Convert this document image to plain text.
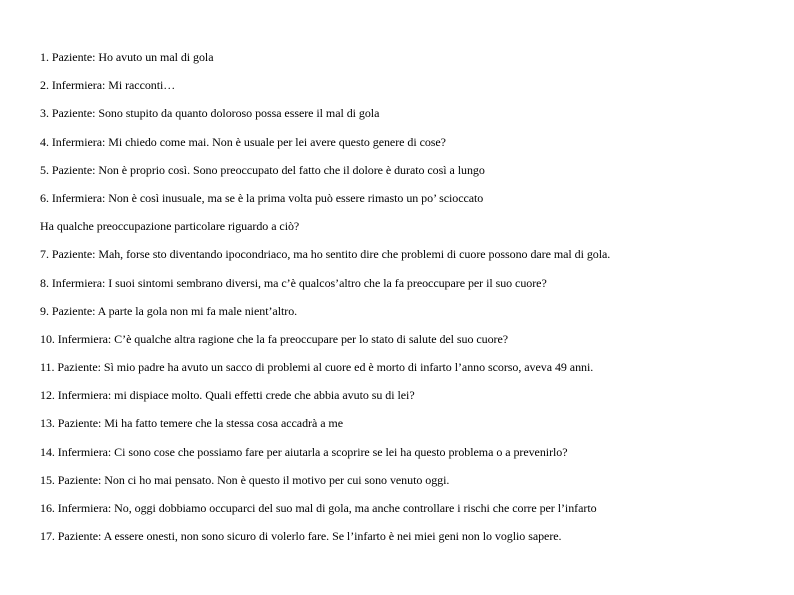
1. Paziente: Ho avuto un mal di gola
2. Infermiera: Mi racconti…
3. Paziente: Sono stupito da quanto doloroso possa essere il mal di gola
4. Infermiera: Mi chiedo come mai. Non è usuale per lei avere questo genere di cose?
5. Paziente: Non è proprio così. Sono preoccupato del fatto che il dolore è durato così a lungo
6. Infermiera: Non è così inusuale, ma se è la prima volta può essere rimasto un po’ scioccato
Ha qualche preoccupazione particolare riguardo a ciò?
7. Paziente: Mah, forse sto diventando ipocondriaco, ma ho sentito dire che problemi di cuore possono dare mal di gola.
8. Infermiera: I suoi sintomi sembrano diversi, ma c’è qualcos’altro che la fa preoccupare per il suo cuore?
9. Paziente: A parte la gola non mi fa male nient’altro.
10. Infermiera: C’è qualche altra ragione che la fa preoccupare per lo stato di salute del suo cuore?
11. Paziente: Sì mio padre ha avuto un sacco di problemi al cuore ed è morto di infarto l’anno scorso, aveva 49 anni.
12. Infermiera: mi dispiace molto. Quali effetti crede che abbia avuto su di lei?
13. Paziente: Mi ha fatto temere che la stessa cosa accadrà a me
14. Infermiera: Ci sono cose che possiamo fare per aiutarla a scoprire se lei ha questo problema o a prevenirlo?
15. Paziente: Non ci ho mai pensato. Non è questo il motivo per cui sono venuto oggi.
16. Infermiera: No, oggi dobbiamo occuparci del suo mal di gola, ma anche controllare i rischi che corre per l’infarto
17. Paziente: A essere onesti, non sono sicuro di volerlo fare. Se l’infarto è nei miei geni non lo voglio sapere.
